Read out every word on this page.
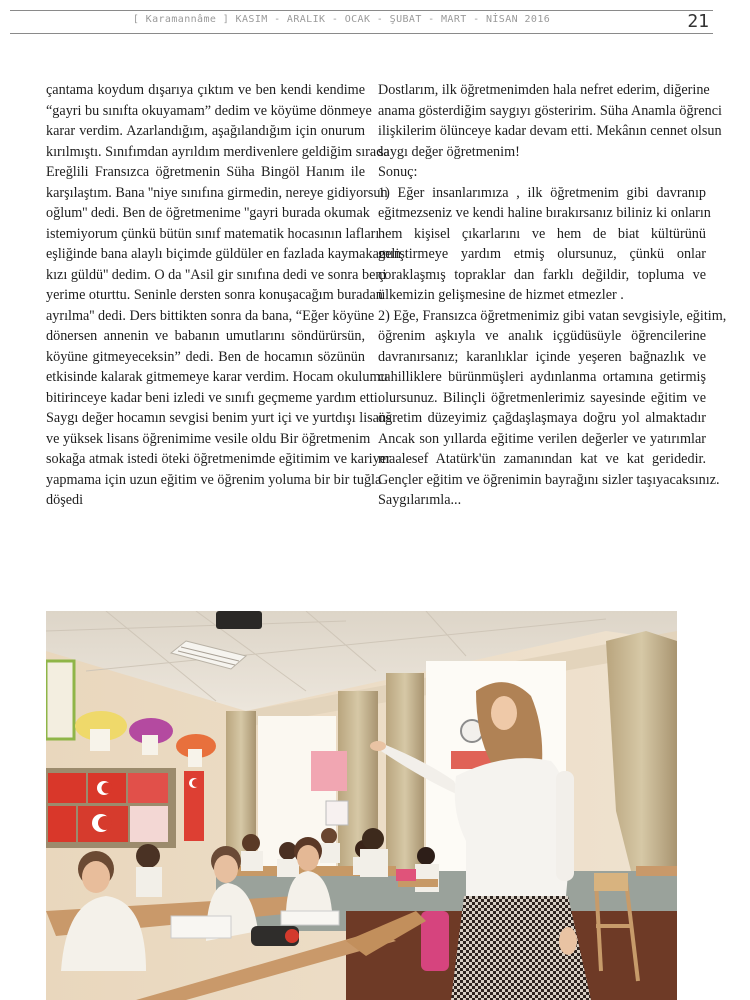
[ Karamannâme ] KASIM - ARALIK - OCAK - ŞUBAT - MART - NİSAN 2016	21
çantama koydum dışarıya çıktım ve ben kendi kendime
“gayri bu sınıfta okuyamam” dedim ve köyüme dönmeye
karar verdim. Azarlandığım, aşağılandığım için onurum
kırılmıştı. Sınıfımdan ayrıldım merdivenlere geldiğim sırada
Ereğlili Fransızca öğretmenin Süha Bingöl Hanım ile
karşılaştım. Bana ''niye sınıfına girmedin, nereye gidiyorsun
oğlum'' dedi. Ben de öğretmenime ''gayri burada okumak
istemiyorum çünkü bütün sınıf matematik hocasının lafları
eşliğinde bana alaylı biçimde güldüler en fazlada kaymakamın
kızı güldü'' dedim. O da ''Asil gir sınıfına dedi ve sonra beni
yerime oturttu. Seninle dersten sonra konuşacağım buradan
ayrılma'' dedi. Ders bittikten sonra da bana, “Eğer köyüne
dönersen annenin ve babanın umutlarını söndürürsün,
köyüne gitmeyeceksin” dedi. Ben de hocamın sözünün
etkisinde kalarak gitmemeye karar verdim. Hocam okulumu
bitirinceye kadar beni izledi ve sınıfı geçmeme yardım etti.
Saygı değer hocamın sevgisi benim yurt içi ve yurtdışı lisans
ve yüksek lisans öğrenimime vesile oldu Bir öğretmenim
sokağa atmak istedi öteki öğretmenimde eğitimim ve kariyer
yapmama için uzun eğitim ve öğrenim yoluma bir bir tuğla
döşedi
Dostlarım, ilk öğretmenimden hala nefret ederim, diğerine
anama gösterdiğim saygıyı gösteririm. Süha Anamla öğrenci
ilişkilerim ölünceye kadar devam etti. Mekânın cennet olsun
saygı değer öğretmenim!
Sonuç:
1) Eğer insanlarımıza , ilk öğretmenim gibi davranıp
eğitmezseniz ve kendi haline bırakırsanız biliniz ki onların
hem kişisel çıkarlarını ve hem de biat kültürünü
geliştirmeye yardım etmiş olursunuz, çünkü onlar
çoraklaşmış topraklar dan farklı değildir, topluma ve
ülkemizin gelişmesine de hizmet etmezler .
2) Eğe, Fransızca öğretmenimiz gibi vatan sevgisiyle, eğitim,
öğrenim aşkıyla ve analık içgüdüsüyle öğrencilerine
davranırsanız; karanlıklar içinde yeşeren bağnazlık ve
cahilliklere bürünmüşleri aydınlanma ortamına getirmiş
olursunuz. Bilinçli öğretmenlerimiz sayesinde eğitim ve
öğretim düzeyimiz çağdaşlaşmaya doğru yol almaktadır
Ancak son yıllarda eğitime verilen değerler ve yatırımlar
maalesef Atatürk'ün zamanından kat ve kat geridedir.
Gençler eğitim ve öğrenimin bayrağını sizler taşıyacaksınız.
Saygılarımla...
